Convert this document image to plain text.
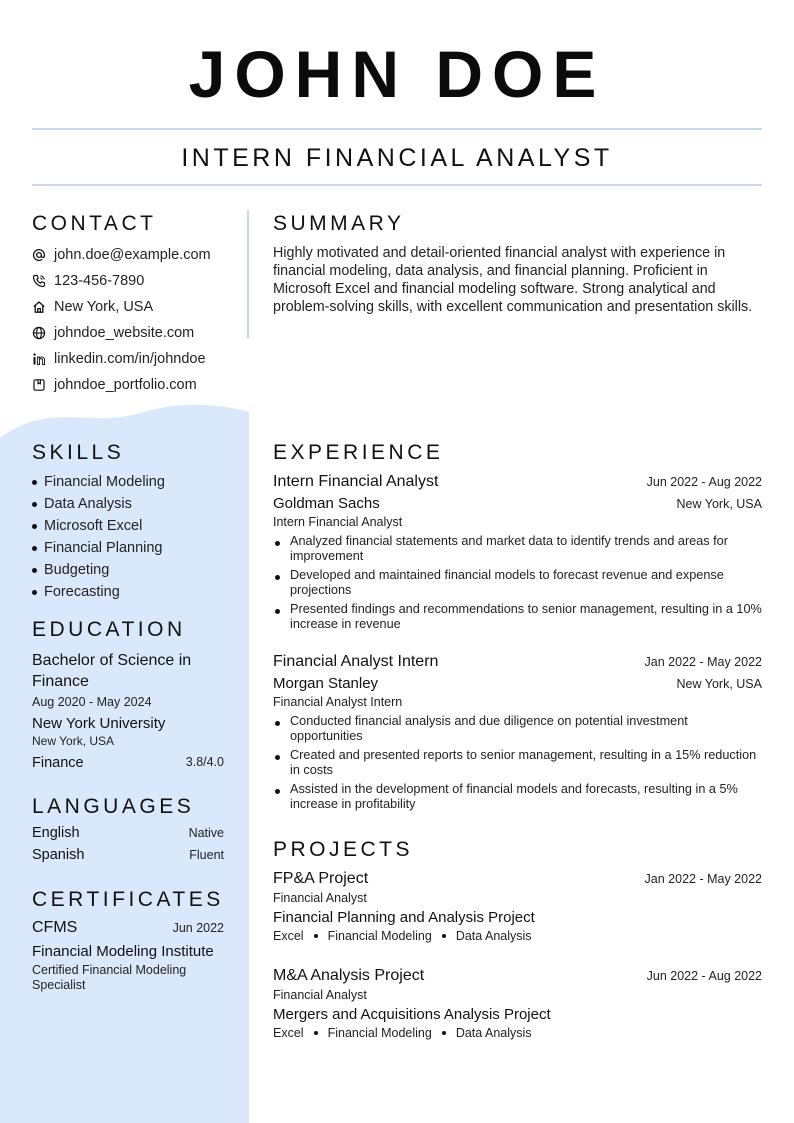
JOHN DOE
INTERN FINANCIAL ANALYST
CONTACT
john.doe@example.com
123-456-7890
New York, USA
johndoe_website.com
linkedin.com/in/johndoe
johndoe_portfolio.com
SUMMARY

Highly motivated and detail-oriented financial analyst with experience in financial modeling, data analysis, and financial planning. Proficient in Microsoft Excel and financial modeling software. Strong analytical and problem-solving skills, with excellent communication and presentation skills.

SKILLS
Financial Modeling
Data Analysis
Microsoft Excel
Financial Planning
Budgeting
Forecasting
EDUCATION
Bachelor of Science in Finance
Aug 2020 - May 2024
New York University
New York, USA
Finance	3.8/4.0
LANGUAGES
English	Native
Spanish	Fluent
CERTIFICATES
CFMS	Jun 2022
Financial Modeling Institute
Certified Financial Modeling Specialist
EXPERIENCE
Intern Financial Analyst	Jun 2022 - Aug 2022
Goldman Sachs	New York, USA
Intern Financial Analyst
Analyzed financial statements and market data to identify trends and areas for improvement
Developed and maintained financial models to forecast revenue and expense projections
Presented findings and recommendations to senior management, resulting in a 10% increase in revenue
Financial Analyst Intern	Jan 2022 - May 2022
Morgan Stanley	New York, USA
Financial Analyst Intern
Conducted financial analysis and due diligence on potential investment opportunities
Created and presented reports to senior management, resulting in a 15% reduction in costs
Assisted in the development of financial models and forecasts, resulting in a 5% increase in profitability
PROJECTS
FP&A Project	Jan 2022 - May 2022
Financial Analyst
Financial Planning and Analysis Project
Excel Financial Modeling Data Analysis
M&A Analysis Project	Jun 2022 - Aug 2022
Financial Analyst
Mergers and Acquisitions Analysis Project
Excel Financial Modeling Data Analysis
